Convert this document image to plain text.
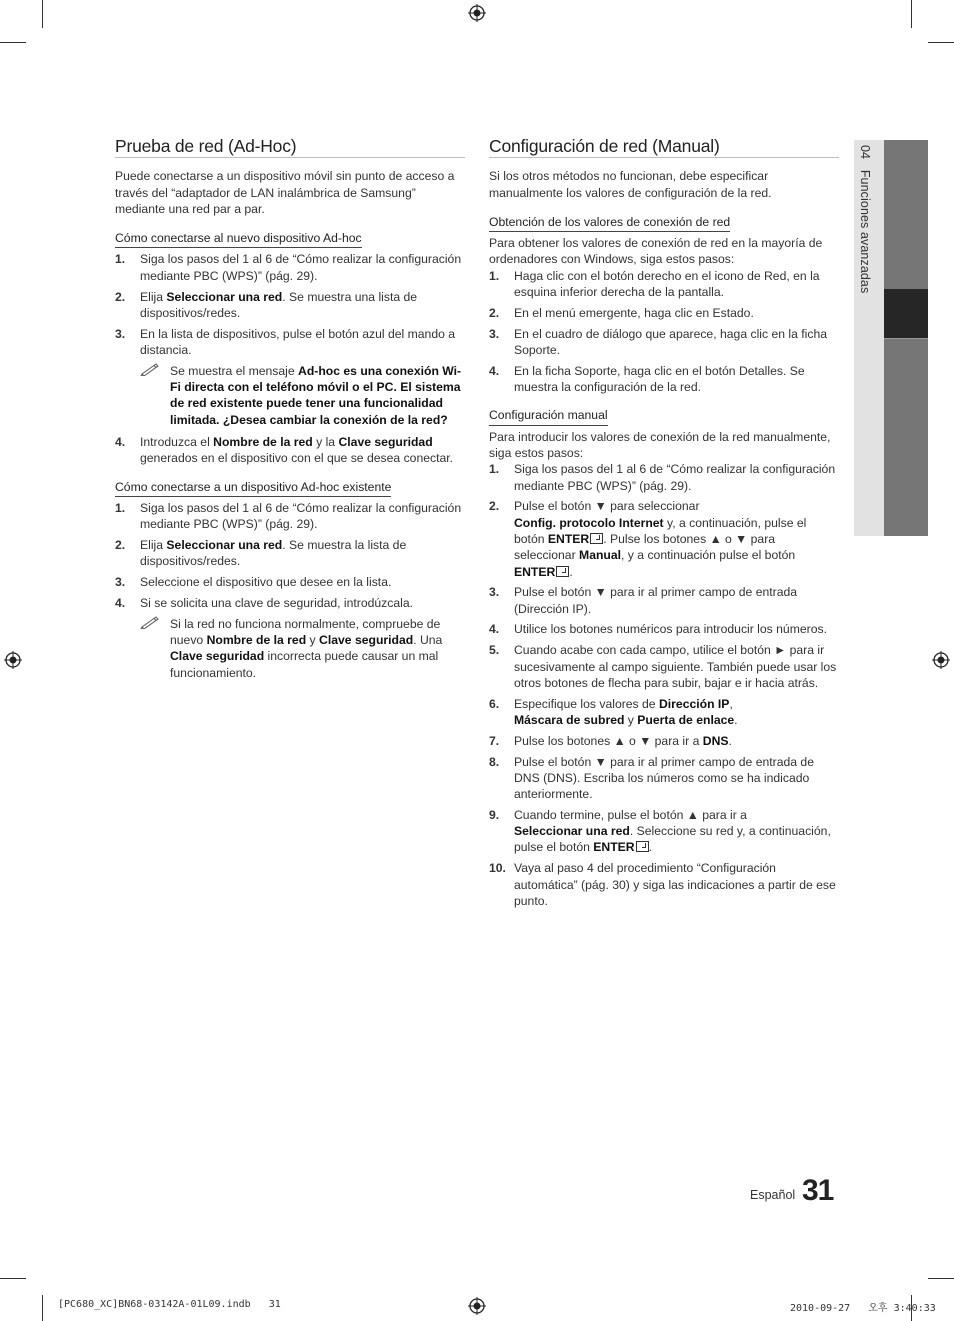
04   Funciones avanzadas
Prueba de red (Ad-Hoc)

Puede conectarse a un dispositivo móvil sin punto de acceso a través del “adaptador de LAN inalámbrica de Samsung” mediante una red par a par.

Cómo conectarse al nuevo dispositivo Ad-hoc
1. Siga los pasos del 1 al 6 de “Cómo realizar la configuración mediante PBC (WPS)” (pág. 29).
2. Elija Seleccionar una red. Se muestra una lista de dispositivos/redes.
3. En la lista de dispositivos, pulse el botón azul del mando a distancia.
Se muestra el mensaje Ad-hoc es una conexión Wi-Fi directa con el teléfono móvil o el PC. El sistema de red existente puede tener una funcionalidad limitada. ¿Desea cambiar la conexión de la red?
4. Introduzca el Nombre de la red y la Clave seguridad generados en el dispositivo con el que se desea conectar.
Cómo conectarse a un dispositivo Ad-hoc existente
1. Siga los pasos del 1 al 6 de “Cómo realizar la configuración mediante PBC (WPS)” (pág. 29).
2. Elija Seleccionar una red. Se muestra la lista de dispositivos/redes.
3. Seleccione el dispositivo que desee en la lista.
4. Si se solicita una clave de seguridad, introdúzcala.
Si la red no funciona normalmente, compruebe de nuevo Nombre de la red y Clave seguridad. Una Clave seguridad incorrecta puede causar un mal funcionamiento.
Configuración de red (Manual)

Si los otros métodos no funcionan, debe especificar manualmente los valores de configuración de la red.

Obtención de los valores de conexión de red

Para obtener los valores de conexión de red en la mayoría de ordenadores con Windows, siga estos pasos:

1. Haga clic con el botón derecho en el icono de Red, en la esquina inferior derecha de la pantalla.
2. En el menú emergente, haga clic en Estado.
3. En el cuadro de diálogo que aparece, haga clic en la ficha Soporte.
4. En la ficha Soporte, haga clic en el botón Detalles. Se muestra la configuración de la red.
Configuración manual

Para introducir los valores de conexión de la red manualmente, siga estos pasos:

1. Siga los pasos del 1 al 6 de “Cómo realizar la configuración mediante PBC (WPS)” (pág. 29).
2. Pulse el botón ▼ para seleccionar
Config. protocolo Internet y, a continuación, pulse el botón ENTER . Pulse los botones ▲ o ▼ para seleccionar Manual, y a continuación pulse el botón
ENTER .
3. Pulse el botón ▼ para ir al primer campo de entrada (Dirección IP).
4. Utilice los botones numéricos para introducir los números.
5. Cuando acabe con cada campo, utilice el botón ► para ir sucesivamente al campo siguiente. También puede usar los otros botones de flecha para subir, bajar e ir hacia atrás.
6. Especifique los valores de Dirección IP,
Máscara de subred y Puerta de enlace.
7. Pulse los botones ▲ o ▼ para ir a DNS.
8. Pulse el botón ▼ para ir al primer campo de entrada de DNS (DNS). Escriba los números como se ha indicado anteriormente.
9. Cuando termine, pulse el botón ▲ para ir a
Seleccionar una red. Seleccione su red y, a continuación, pulse el botón ENTER .
10. Vaya al paso 4 del procedimiento “Configuración automática” (pág. 30) y siga las indicaciones a partir de ese punto.
Español 31
[PC680_XC]BN68-03142A-01L09.indb   31	2010-09-27   오후 3:40:33
